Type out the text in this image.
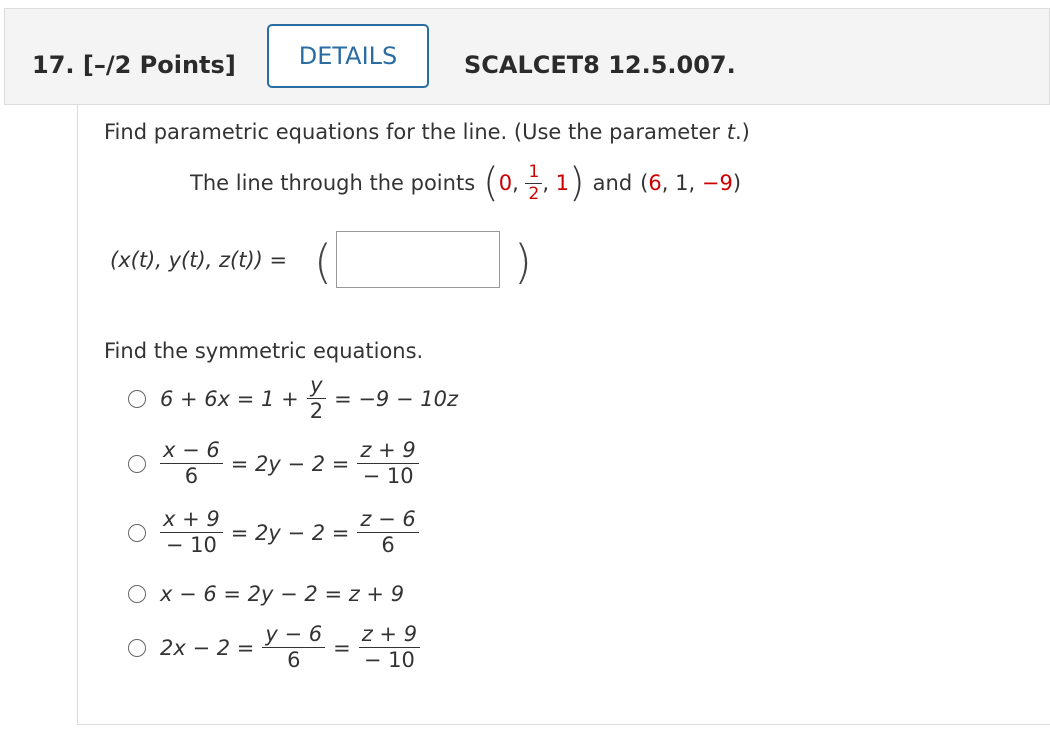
17. [–/2 Points]	DETAILS	SCALCET8 12.5.007.
Find parametric equations for the line. (Use the parameter t.)
The line through the points ( 0 , $\frac{1}{2}$ , 1 ) and (6, 1, −9)
(x(t), y(t), z(t)) = (	)
Find the symmetric equations.
$6 + 6x = 1 + \frac{y}{2} = -9 - 10z$
$\frac{x - 6}{6} = 2y - 2 = \frac{z + 9}{- 10}$
$\frac{x + 9}{- 10} = 2y - 2 = \frac{z - 6}{6}$
x − 6 = 2y − 2 = z + 9
$2x - 2 = \frac{y - 6}{6} = \frac{z + 9}{- 10}$
